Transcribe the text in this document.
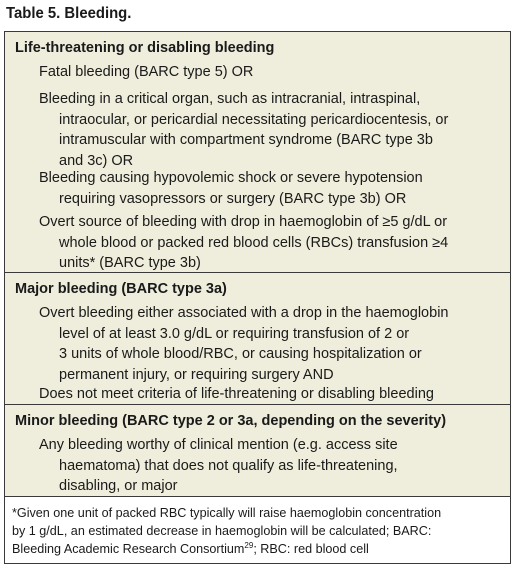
Table 5. Bleeding.
Life-threatening or disabling bleeding
Fatal bleeding (BARC type 5) OR
Bleeding in a critical organ, such as intracranial, intraspinal,
intraocular, or pericardial necessitating pericardiocentesis, or
intramuscular with compartment syndrome (BARC type 3b
and 3c) OR
Bleeding causing hypovolemic shock or severe hypotension
requiring vasopressors or surgery (BARC type 3b) OR
Overt source of bleeding with drop in haemoglobin of ≥5 g/dL or
whole blood or packed red blood cells (RBCs) transfusion ≥4
units* (BARC type 3b)
Major bleeding (BARC type 3a)
Overt bleeding either associated with a drop in the haemoglobin
level of at least 3.0 g/dL or requiring transfusion of 2 or
3 units of whole blood/RBC, or causing hospitalization or
permanent injury, or requiring surgery AND
Does not meet criteria of life-threatening or disabling bleeding
Minor bleeding (BARC type 2 or 3a, depending on the severity)
Any bleeding worthy of clinical mention (e.g. access site
haematoma) that does not qualify as life-threatening,
disabling, or major
*Given one unit of packed RBC typically will raise haemoglobin concentration
by 1 g/dL, an estimated decrease in haemoglobin will be calculated; BARC:
Bleeding Academic Research Consortium$^{29}$; RBC: red blood cell
